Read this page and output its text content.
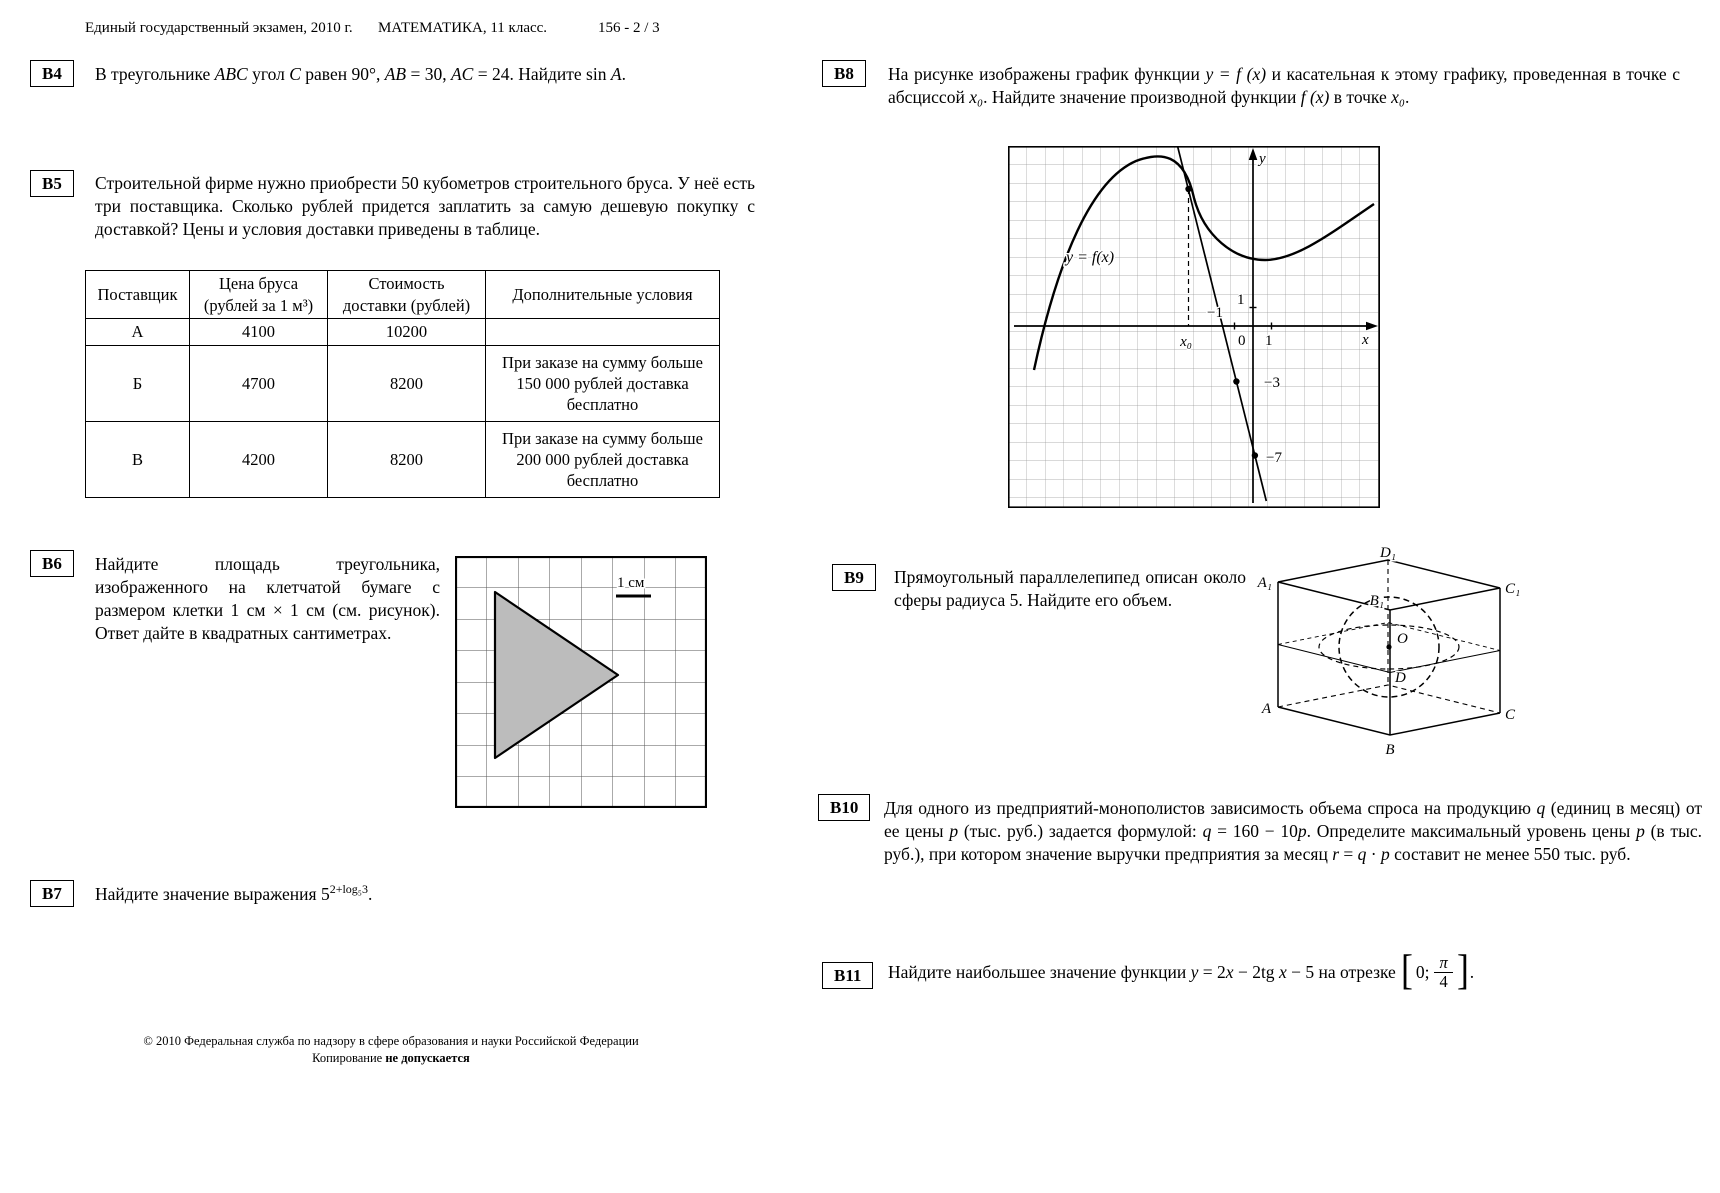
Единый государственный экзамен, 2010 г. МАТЕМАТИКА, 11 класс.	156 - 2 / 3
В4	В треугольнике ABC угол C равен 90°, AB = 30, AC = 24. Найдите sin A.
В5	Строительной фирме нужно приобрести 50 кубометров строительного бруса. У неё есть три поставщика. Сколько рублей придется заплатить за самую дешевую покупку с доставкой? Цены и условия доставки приведены в таблице.
Поставщик	Цена бруса (рублей за 1 м³)	Стоимость доставки (рублей)	Дополнительные условия
А	4100	10200	
Б	4700	8200	При заказе на сумму больше 150 000 рублей доставка бесплатно
В	4200	8200	При заказе на сумму больше 200 000 рублей доставка бесплатно
В6	Найдите площадь треугольника, изображенного на клетчатой бумаге с размером клетки 1 см × 1 см (см. рисунок). Ответ дайте в квадратных сантиметрах.
1 см
В7	Найдите значение выражения $5^{2+log_53}$.
© 2010 Федеральная служба по надзору в сфере образования и науки Российской Федерации
Копирование не допускается
В8	На рисунке изображены график функции y = f (x) и касательная к этому графику, проведенная в точке с абсциссой x₀. Найдите значение производной функции f (x) в точке x₀.
y = f(x)
y
x
0 1
−1
1
x₀
−3
−7
В9	Прямоугольный параллелепипед описан около сферы радиуса 5. Найдите его объем.
A₁
D₁
C₁
B₁
O
D
A
B
C
В10	Для одного из предприятий-монополистов зависимость объема спроса на продукцию q (единиц в месяц) от ее цены p (тыс. руб.) задается формулой: q = 160 − 10p. Определите максимальный уровень цены p (в тыс. руб.), при котором значение выручки предприятия за месяц r = q · p составит не менее 550 тыс. руб.
В11	Найдите наибольшее значение функции y = 2x − 2tg x − 5 на отрезке [ 0; $\frac{\pi}{4}$ ] .
